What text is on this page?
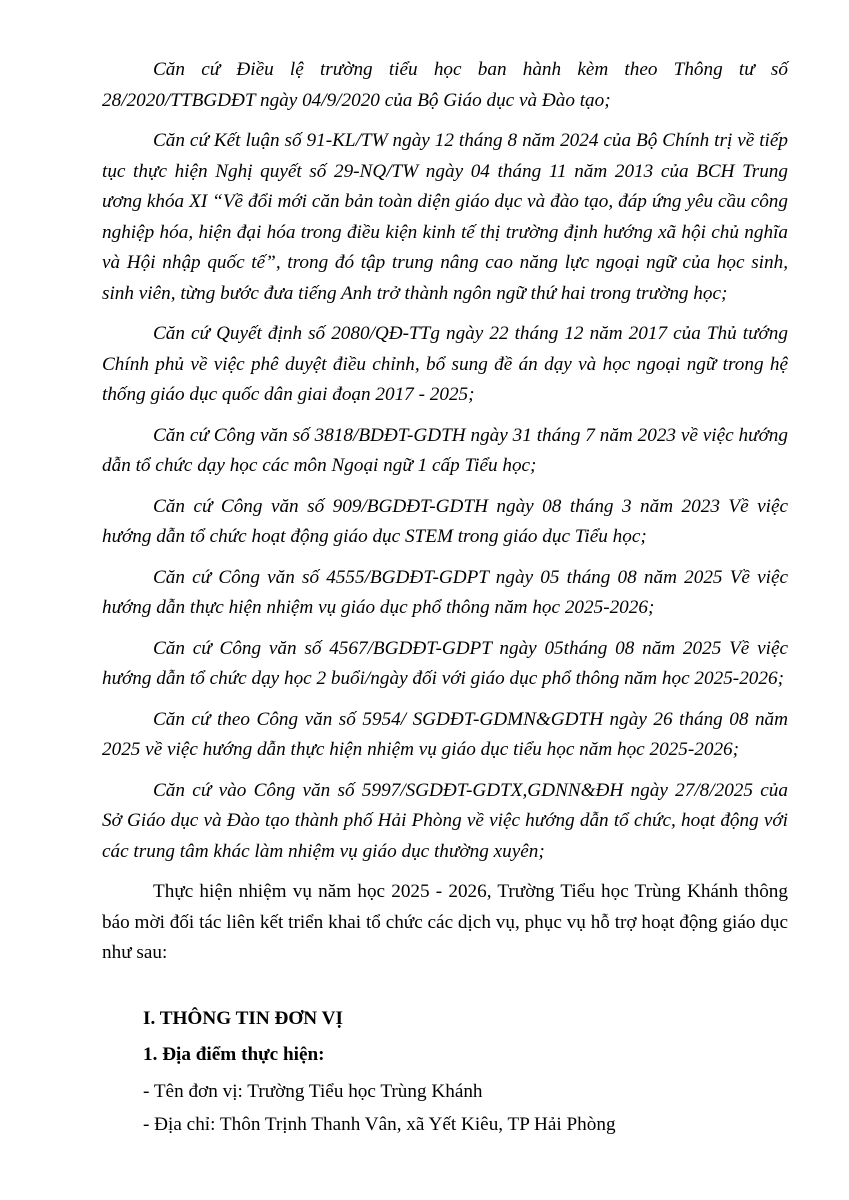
Căn cứ Điều lệ trường tiểu học ban hành kèm theo Thông tư số 28/2020/TTBGDĐT ngày 04/9/2020 của Bộ Giáo dục và Đào tạo;

Căn cứ Kết luận số 91-KL/TW ngày 12 tháng 8 năm 2024 của Bộ Chính trị về tiếp tục thực hiện Nghị quyết số 29-NQ/TW ngày 04 tháng 11 năm 2013 của BCH Trung ương khóa XI “Về đổi mới căn bản toàn diện giáo dục và đào tạo, đáp ứng yêu cầu công nghiệp hóa, hiện đại hóa trong điều kiện kinh tế thị trường định hướng xã hội chủ nghĩa và Hội nhập quốc tế”, trong đó tập trung nâng cao năng lực ngoại ngữ của học sinh, sinh viên, từng bước đưa tiếng Anh trở thành ngôn ngữ thứ hai trong trường học;

Căn cứ Quyết định số 2080/QĐ-TTg ngày 22 tháng 12 năm 2017 của Thủ tướng Chính phủ về việc phê duyệt điều chỉnh, bổ sung đề án dạy và học ngoại ngữ trong hệ thống giáo dục quốc dân giai đoạn 2017 - 2025;

Căn cứ Công văn số 3818/BDĐT-GDTH ngày 31 tháng 7 năm 2023 về việc hướng dẫn tổ chức dạy học các môn Ngoại ngữ 1 cấp Tiểu học;

Căn cứ Công văn số 909/BGDĐT-GDTH ngày 08 tháng 3 năm 2023 Về việc hướng dẫn tổ chức hoạt động giáo dục STEM trong giáo dục Tiểu học;

Căn cứ Công văn số 4555/BGDĐT-GDPT ngày 05 tháng 08 năm 2025 Về việc hướng dẫn thực hiện nhiệm vụ giáo dục phổ thông năm học 2025-2026;

Căn cứ Công văn số 4567/BGDĐT-GDPT ngày 05tháng 08 năm 2025 Về việc hướng dẫn tổ chức dạy học 2 buổi/ngày đối với giáo dục phổ thông năm học 2025-2026;

Căn cứ theo Công văn số 5954/ SGDĐT-GDMN&GDTH ngày 26 tháng 08 năm 2025 về việc hướng dẫn thực hiện nhiệm vụ giáo dục tiểu học năm học 2025-2026;

Căn cứ vào Công văn số 5997/SGDĐT-GDTX,GDNN&ĐH ngày 27/8/2025 của Sở Giáo dục và Đào tạo thành phố Hải Phòng về việc hướng dẫn tổ chức, hoạt động với các trung tâm khác làm nhiệm vụ giáo dục thường xuyên;

Thực hiện nhiệm vụ năm học 2025 - 2026, Trường Tiểu học Trùng Khánh thông báo mời đối tác liên kết triển khai tổ chức các dịch vụ, phục vụ hỗ trợ hoạt động giáo dục như sau:

I. THÔNG TIN ĐƠN VỊ

1. Địa điểm thực hiện:

- Tên đơn vị: Trường Tiểu học Trùng Khánh

- Địa chỉ: Thôn Trịnh Thanh Vân, xã Yết Kiêu, TP Hải Phòng
